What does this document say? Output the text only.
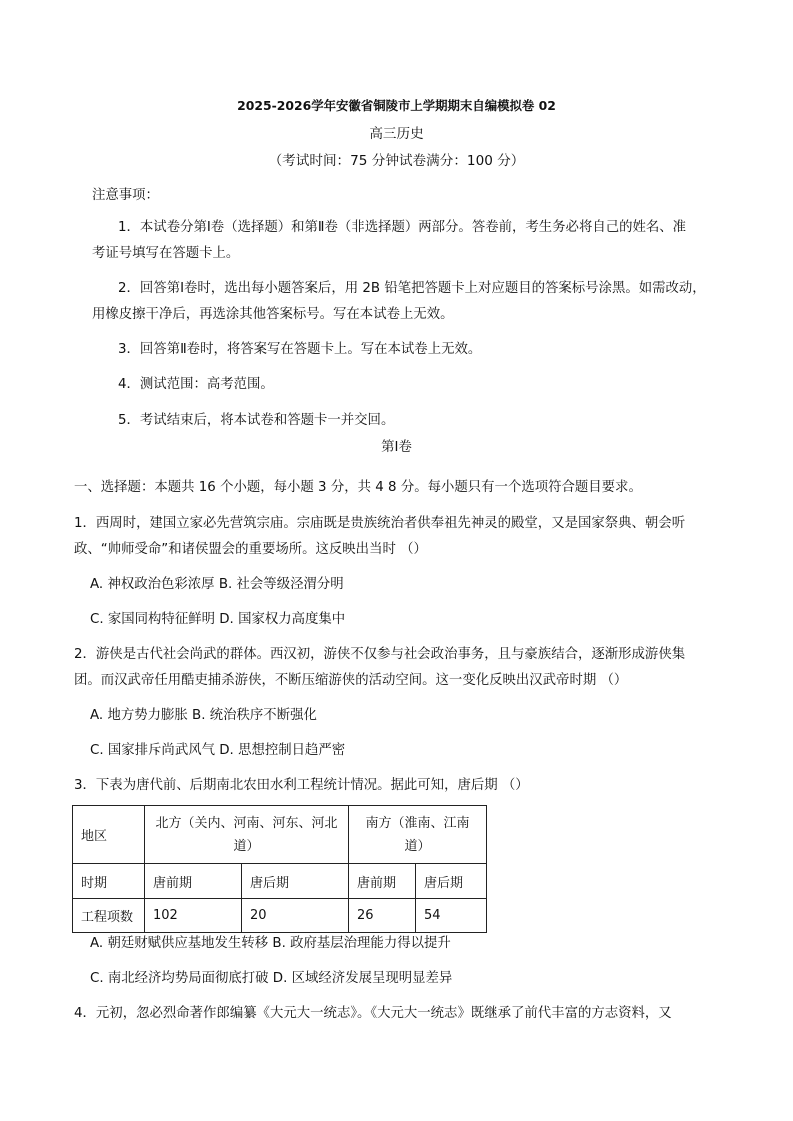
2025-2026学年安徽省铜陵市上学期期末自编模拟卷 02
高三历史
（考试时间：75 分钟试卷满分：100 分）
注意事项：
1．本试卷分第Ⅰ卷（选择题）和第Ⅱ卷（非选择题）两部分。答卷前，考生务必将自己的姓名、准
考证号填写在答题卡上。
2．回答第Ⅰ卷时，选出每小题答案后，用 2B 铅笔把答题卡上对应题目的答案标号涂黑。如需改动，
用橡皮擦干净后，再选涂其他答案标号。写在本试卷上无效。
3．回答第Ⅱ卷时，将答案写在答题卡上。写在本试卷上无效。
4．测试范围：高考范围。
5．考试结束后，将本试卷和答题卡一并交回。
第Ⅰ卷
一、选择题：本题共 16 个小题，每小题 3 分，共 4 8 分。每小题只有一个选项符合题目要求。
1．西周时，建国立家必先营筑宗庙。宗庙既是贵族统治者供奉祖先神灵的殿堂，又是国家祭典、朝会听
政、“帅师受命”和诸侯盟会的重要场所。这反映出当时 （）
A. 神权政治色彩浓厚 B. 社会等级泾渭分明
C. 家国同构特征鲜明 D. 国家权力高度集中
2．游侠是古代社会尚武的群体。西汉初，游侠不仅参与社会政治事务，且与豪族结合，逐渐形成游侠集
团。而汉武帝任用酷吏捕杀游侠，不断压缩游侠的活动空间。这一变化反映出汉武帝时期 （）
A. 地方势力膨胀 B. 统治秩序不断强化
C. 国家排斥尚武风气 D. 思想控制日趋严密
3．下表为唐代前、后期南北农田水利工程统计情况。据此可知，唐后期 （）
地区	北方（关内、河南、河东、河北道）		南方（淮南、江南道）	
时期	唐前期	唐后期	唐前期	唐后期
工程项数	102	20	26	54
A. 朝廷财赋供应基地发生转移 B. 政府基层治理能力得以提升
C. 南北经济均势局面彻底打破 D. 区域经济发展呈现明显差异
4．元初，忽必烈命著作郎编纂《大元大一统志》。《大元大一统志》既继承了前代丰富的方志资料，又
